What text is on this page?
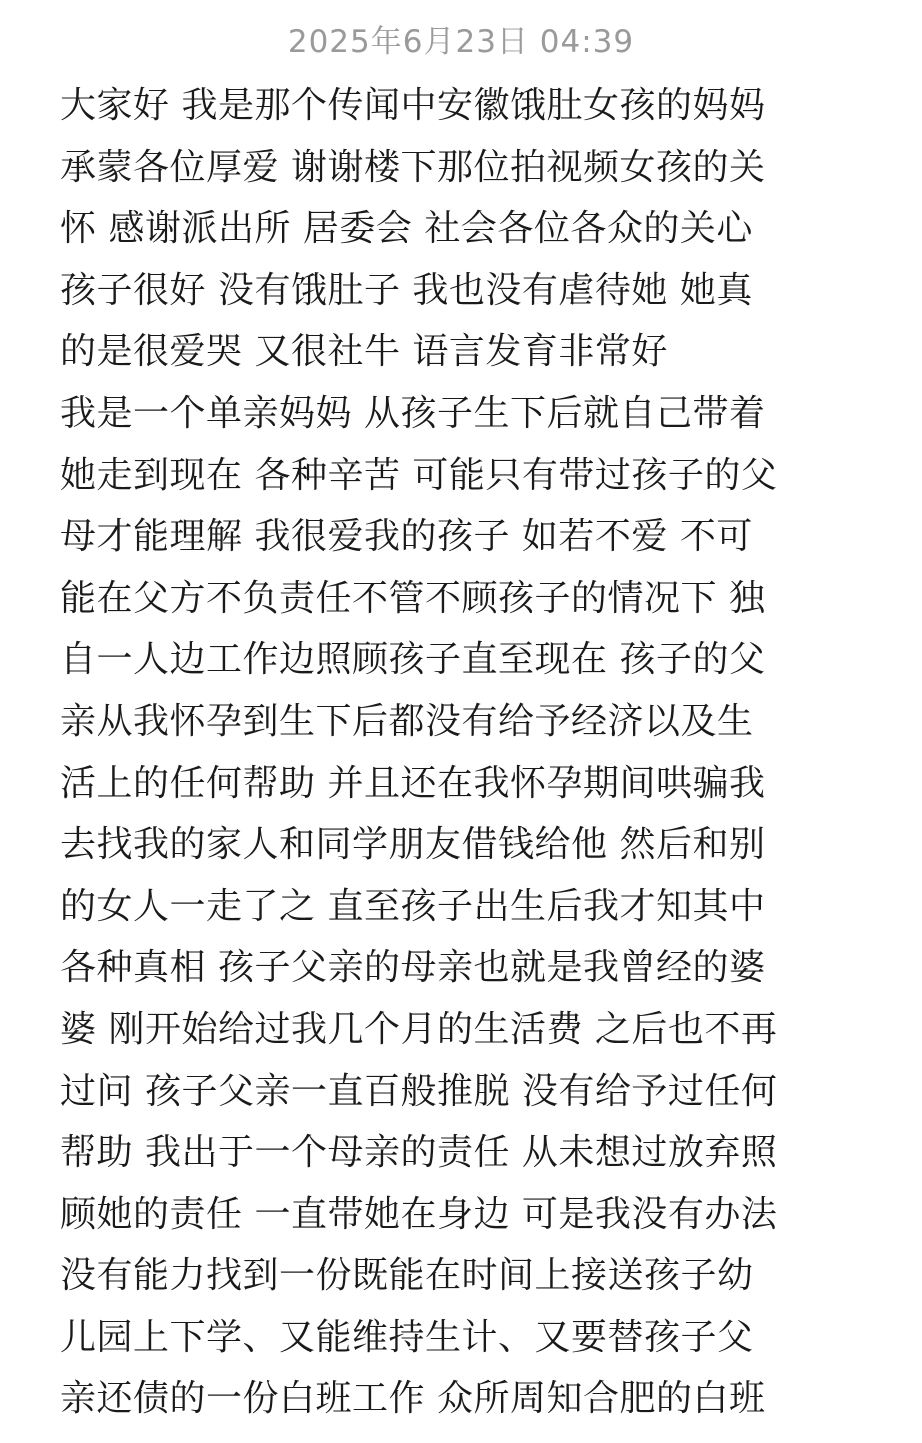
2025年6月23日 04:39
大家好 我是那个传闻中安徽饿肚女孩的妈妈
承蒙各位厚爱 谢谢楼下那位拍视频女孩的关
怀 感谢派出所 居委会 社会各位各众的关心
孩子很好 没有饿肚子 我也没有虐待她 她真
的是很爱哭 又很社牛 语言发育非常好
我是一个单亲妈妈 从孩子生下后就自己带着
她走到现在 各种辛苦 可能只有带过孩子的父
母才能理解 我很爱我的孩子 如若不爱 不可
能在父方不负责任不管不顾孩子的情况下 独
自一人边工作边照顾孩子直至现在 孩子的父
亲从我怀孕到生下后都没有给予经济以及生
活上的任何帮助 并且还在我怀孕期间哄骗我
去找我的家人和同学朋友借钱给他 然后和别
的女人一走了之 直至孩子出生后我才知其中
各种真相 孩子父亲的母亲也就是我曾经的婆
婆 刚开始给过我几个月的生活费 之后也不再
过问 孩子父亲一直百般推脱 没有给予过任何
帮助 我出于一个母亲的责任 从未想过放弃照
顾她的责任 一直带她在身边 可是我没有办法
没有能力找到一份既能在时间上接送孩子幼
儿园上下学、又能维持生计、又要替孩子父
亲还债的一份白班工作 众所周知合肥的白班
